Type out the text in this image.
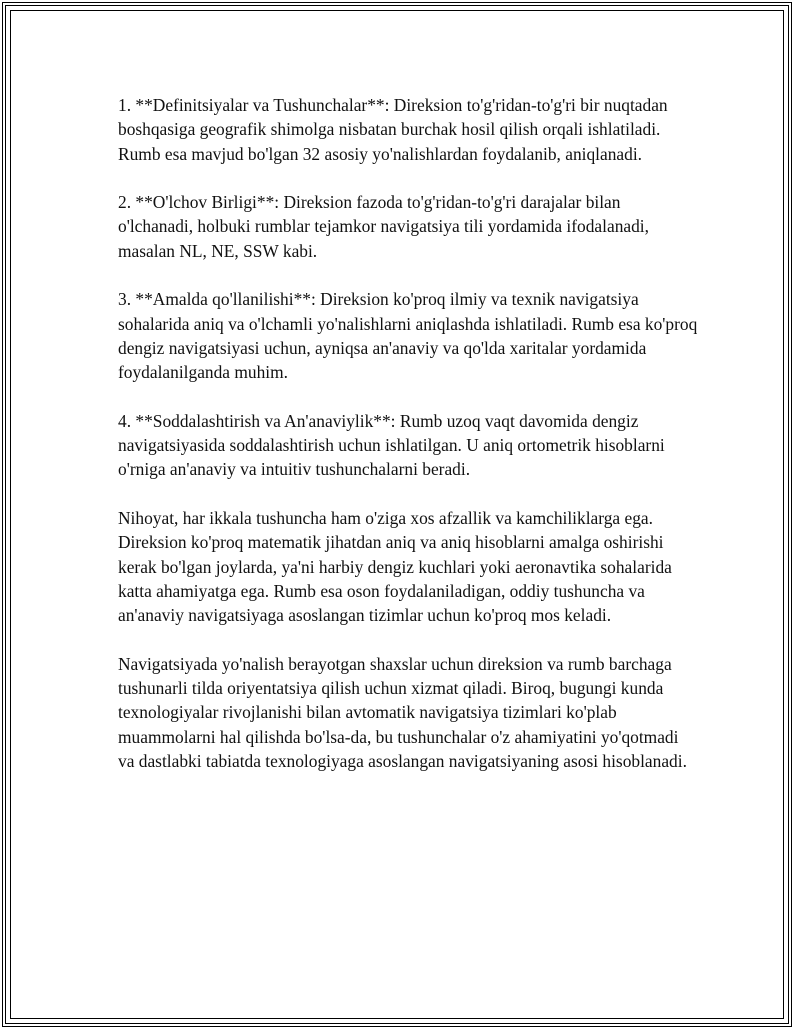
1. **Definitsiyalar va Tushunchalar**: Direksion to'g'ridan-to'g'ri bir nuqtadan boshqasiga geografik shimolga nisbatan burchak hosil qilish orqali ishlatiladi. Rumb esa mavjud bo'lgan 32 asosiy yo'nalishlardan foydalanib, aniqlanadi.

2. **O'lchov Birligi**: Direksion fazoda to'g'ridan-to'g'ri darajalar bilan o'lchanadi, holbuki rumblar tejamkor navigatsiya tili yordamida ifodalanadi, masalan NL, NE, SSW kabi.

3. **Amalda qo'llanilishi**: Direksion ko'proq ilmiy va texnik navigatsiya sohalarida aniq va o'lchamli yo'nalishlarni aniqlashda ishlatiladi. Rumb esa ko'proq dengiz navigatsiyasi uchun, ayniqsa an'anaviy va qo'lda xaritalar yordamida foydalanilganda muhim.

4. **Soddalashtirish va An'anaviylik**: Rumb uzoq vaqt davomida dengiz navigatsiyasida soddalashtirish uchun ishlatilgan. U aniq ortometrik hisoblarni o'rniga an'anaviy va intuitiv tushunchalarni beradi.

Nihoyat, har ikkala tushuncha ham o'ziga xos afzallik va kamchiliklarga ega. Direksion ko'proq matematik jihatdan aniq va aniq hisoblarni amalga oshirishi kerak bo'lgan joylarda, ya'ni harbiy dengiz kuchlari yoki aeronavtika sohalarida katta ahamiyatga ega. Rumb esa oson foydalaniladigan, oddiy tushuncha va an'anaviy navigatsiyaga asoslangan tizimlar uchun ko'proq mos keladi.

Navigatsiyada yo'nalish berayotgan shaxslar uchun direksion va rumb barchaga tushunarli tilda oriyentatsiya qilish uchun xizmat qiladi. Biroq, bugungi kunda texnologiyalar rivojlanishi bilan avtomatik navigatsiya tizimlari ko'plab muammolarni hal qilishda bo'lsa-da, bu tushunchalar o'z ahamiyatini yo'qotmadi va dastlabki tabiatda texnologiyaga asoslangan navigatsiyaning asosi hisoblanadi.
